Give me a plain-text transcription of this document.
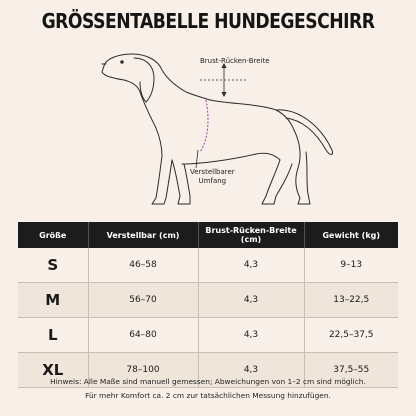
GRÖSSENTABELLE HUNDEGESCHIRR
Brust-Rücken-Breite
Verstellbarer
Umfang
Größe	Verstellbar (cm)	Brust-Rücken-Breite (cm)	Gewicht (kg)
S	46–58	4,3	9–13
M	56–70	4,3	13–22,5
L	64–80	4,3	22,5–37,5
XL	78–100	4,3	37,5–55
Hinweis: Alle Maße sind manuell gemessen; Abweichungen von 1–2 cm sind möglich.
Für mehr Komfort ca. 2 cm zur tatsächlichen Messung hinzufügen.
